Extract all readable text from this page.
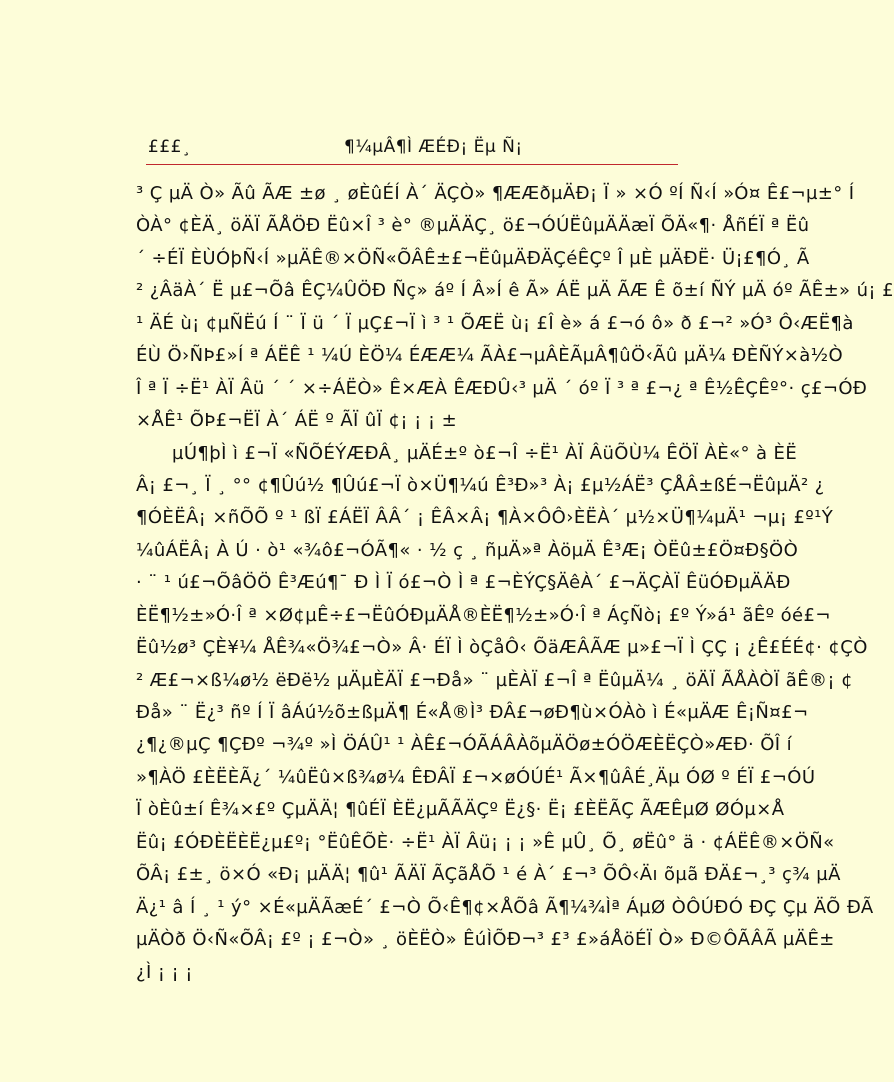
£££¸	¶¼µÂ¶Ì ÆÉÐ¡ Ëµ Ñ¡
³ Ç µÄ Ò» Ãû ÃÆ ±ø ¸ øÈûÉÍ À´ ÄÇÒ» ¶ÆÆðµÄÐ¡ Ï » ×Ó ºÍ Ñ‹Í »Ó¤ Ê£¬µ±° Í
ÒÀ° ¢ÈÄ¸ öÄÏ ÃÅÖÐ Ëû×Î ³ è° ®µÄÄÇ¸ ö£¬ÓÚËûµÄÄæÏ ÕÄ«¶· ÅñÉÏ ª Ëû
´ ÷ÉÏ ÈÙÓþÑ‹Í »µÄÊ®×ÖÑ«ÕÂÊ±£¬ËûµÄÐÄÇéÊÇº Î µÈ µÄÐË· Ü¡£¶Ó¸ Ã
² ¿ÂäÀ´ Ë µ£¬Õâ ÊÇ¼ÛÖÐ Ñç» áº Í Â»Í ê Ã» ÁË µÄ ÃÆ Ê õ±í ÑÝ µÄ óº ÃÊ±» ú¡ £
¹ ÄÉ ù¡ ¢µÑËú Í ¨ Ï ü ´ Ï µÇ£¬Ï ì ³ ¹ ÕÆË ù¡ £Î è» á £¬ó ô» ð £¬² »Ó³ Ô‹ÆË¶à
ÉÙ Ö›ÑÞ£»Í ª ÁËÊ ¹ ¼Ú ÈÖ¼ ÉÆÆ¼ ÃÀ£¬µÂÈÃµÂ¶ûÖ‹Ãû µÄ¼ ÐÈÑÝ×à½Ò
Î ª Ï ÷Ë¹ ÀÏ Âü ´ ´ ×÷ÁËÒ» Ê×ÆÀ ÊÆÐÛ‹³ µÄ ´ óº Ï ³ ª £¬¿ ª Ê½ÊÇÊº°· ç£¬ÓÐ
×ÅÊ¹ ÕÞ£¬ËÏ À´ ÁË º ÃÏ ûÏ ¢¡ ¡ ¡ ±
µÚ¶þÌ ì £¬Ï «ÑÕÉÝÆÐÂ¸ µÄÉ±º ò£¬Î ÷Ë¹ ÀÏ ÂüÕÙ¼ ÊÖÏ ÀÈ«° à ÈË
Â¡ £¬¸ Ï ¸ °° ¢¶Ûú½ ¶Ûú£¬Ï ò×Ü¶¼ú Ê³Ð»³ À¡ £µ½ÁË³ ÇÅÂ±ßÉ¬ËûµÄ² ¿
¶ÓÈËÂ¡ ×ñÕÕ º ¹ ßÏ £ÁËÏ ÂÂ´ ¡ ÊÂ×Â¡ ¶À×ÔÔ›ÈËÀ´ µ½×Ü¶¼µÄ¹ ¬µ¡ £º¹Ý
¼ûÁËÂ¡ À Ú · ò¹ «¾ô£¬ÓÃ¶« · ½ ç ¸ ñµÄ»ª ÀöµÄ Ê³Æ¡ ÒËû±£Ö¤Ð§ÖÒ
· ¨ ¹ ú£¬ÕâÖÖ Ê³Æú¶¯ Ð Ì Ï ó£¬Ò Ì ª £¬ÈÝÇ§ÄêÀ´ £¬ÄÇÀÏ ÊüÓÐµÄÄÐ
ÈË¶½±»Ó·Î ª ×Ø¢µÊ÷£¬ËûÓÐµÄÅ®ÈË¶½±»Ó·Î ª ÁçÑò¡ £º Ý»á¹ ãÊº óé£¬
Ëû½ø³ ÇÈ¥¼ ÅÊ¾«Ö¾£¬Ò» Â· ÉÏ Ì òÇåÔ‹ ÕäÆÂÃÆ µ»£¬Ï Ì ÇÇ ¡ ¿Ê£ÉÉ¢· ¢ÇÒ
² Æ£¬×ß¼ø½ ëÐë½ µÄµÈÄÏ £¬Ðå» ¨ µÈÀÏ £¬Î ª ËûµÄ¼ ¸ öÄÏ ÃÅÀÒÏ ãÊ®¡ ¢
Ðå» ¨ Ë¿³ ñº Í Ï âÁú½õ±ßµÄ¶ É«Å®Ì³ ÐÂ£¬øÐ¶ù×ÓÀò ì É«µÄÆ Ê¡Ñ¤£¬
¿¶¿®µÇ ¶ÇÐº ¬¾º »Ì ÖÁÛ¹ ¹ ÀÊ£¬ÓÃÁÂÀõµÄÖø±ÓÖÆÈËÇÒ»ÆÐ· ÕÎ í
»¶ÀÖ £ÈËÈÃ¿´ ¼ûËû×ß¾ø¼ ÊÐÂÏ £¬×øÓÚÉ¹ Ã×¶ûÂÉ¸Äµ ÓØ º ÉÏ £¬ÓÚ
Ï òÈû±í Ê¾×£º ÇµÄÄ¦ ¶ûÉÏ ÈË¿µÃÃÄÇº Ë¿§· Ë¡ £ÈËÃÇ ÃÆÊµØ ØÓµ×Å
Ëû¡ £ÓÐÈËÈË¿µ£º¡ °ËûÊÕÈ· ÷Ë¹ ÀÏ Âü¡ ¡ ¡ »Ê µÛ¸ Õ¸ øËû° ä · ¢ÁËÊ®×ÖÑ«
ÕÂ¡ £±¸ ö×Ó «Ð¡ µÄÄ¦ ¶û¹ ÃÄÏ ÃÇãÅÕ ¹ é À´ £¬³ ÕÔ‹Äı õµã ÐÄ£¬¸³ ç¾ µÄ
Ä¿¹ â Í ¸ ¹ ý° ×É«µÄÃæÉ´ £¬Ò Õ‹Ê¶¢×ÅÕâ Ã¶¼¾Ìª ÁµØ ÒÔÚÐÓ ÐÇ Çµ ÄÕ ÐÃ
µÄÒð Ö‹Ñ«ÕÂ¡ £º ¡ £¬Ò» ¸ öÈËÒ» ÊúÌÕÐ¬³ £³ £»áÅöÉÏ Ò» Ð©ÔÃÂÃ µÄÊ±
¿Ì ¡ ¡ ¡
